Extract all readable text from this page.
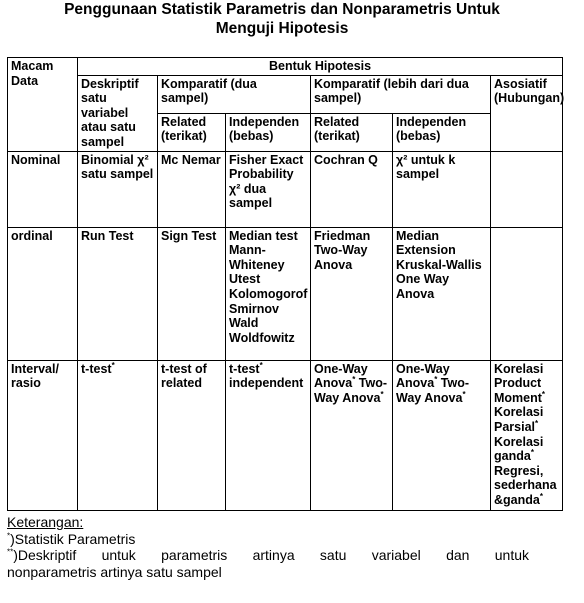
Penggunaan Statistik Parametris dan Nonparametris Untuk
Menguji Hipotesis
Macam Data	Bentuk Hipotesis					
	Deskriptif satu variabel atau satu sampel	Komparatif (dua sampel)		Komparatif (lebih dari dua sampel)		Asosiatif (Hubungan)
		Related (terikat)	Independen (bebas)	Related (terikat)	Independen (bebas)	
Nominal	Binomial χ² satu sampel	Mc Nemar	Fisher Exact Probability χ² dua sampel	Cochran Q	χ² untuk k sampel	
ordinal	Run Test	Sign Test	Median test Mann-Whiteney Utest Kolomogorof Smirnov Wald Woldfowitz	Friedman Two-Way Anova	Median Extension Kruskal-Wallis One Way Anova	
Interval/ rasio	t-test*	t-test of related	t-test* independent	One-Way Anova* Two-Way Anova*	One-Way Anova* Two-Way Anova*	Korelasi Product Moment* Korelasi Parsial* Korelasi ganda* Regresi, sederhana &ganda*
Keterangan:
*)Statistik Parametris
**)Deskriptif untuk parametris artinya satu variabel dan untuk
nonparametris artinya satu sampel
